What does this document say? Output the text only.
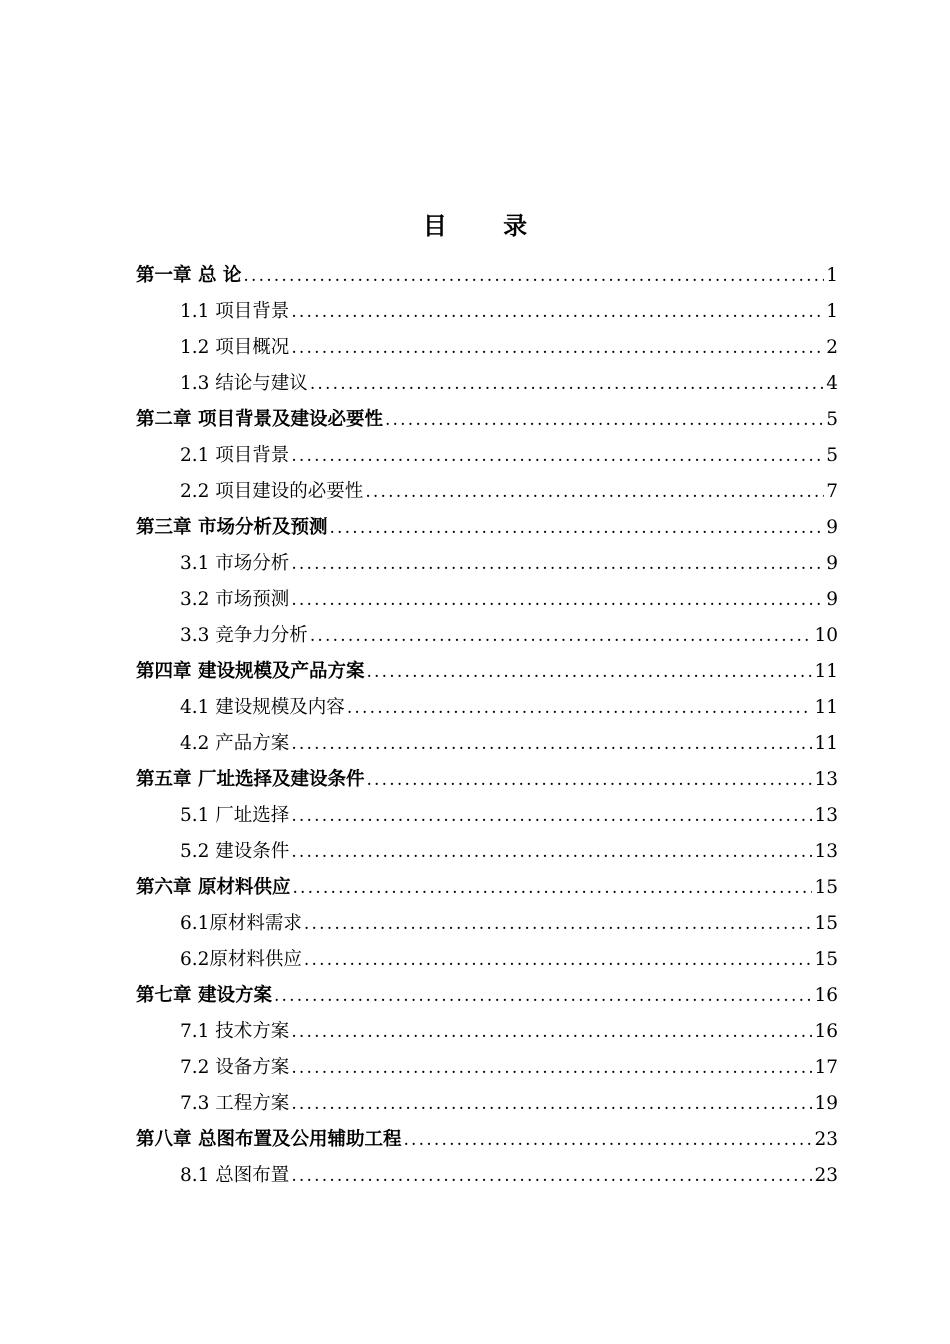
目 录
第一章 总 论 .....	1
1.1 项目背景 .....	1
1.2 项目概况 .....	2
1.3 结论与建议 .....	4
第二章 项目背景及建设必要性 .....	5
2.1 项目背景 .....	5
2.2 项目建设的必要性 .....	7
第三章 市场分析及预测 .....	9
3.1 市场分析 .....	9
3.2 市场预测 .....	9
3.3 竞争力分析 .....	10
第四章 建设规模及产品方案 .....	11
4.1 建设规模及内容 .....	11
4.2 产品方案 .....	11
第五章 厂址选择及建设条件 .....	13
5.1 厂址选择 .....	13
5.2 建设条件 .....	13
第六章 原材料供应 .....	15
6.1原材料需求 .....	15
6.2原材料供应 .....	15
第七章 建设方案 .....	16
7.1 技术方案 .....	16
7.2 设备方案 .....	17
7.3 工程方案 .....	19
第八章 总图布置及公用辅助工程 .....	23
8.1 总图布置 .....	23
